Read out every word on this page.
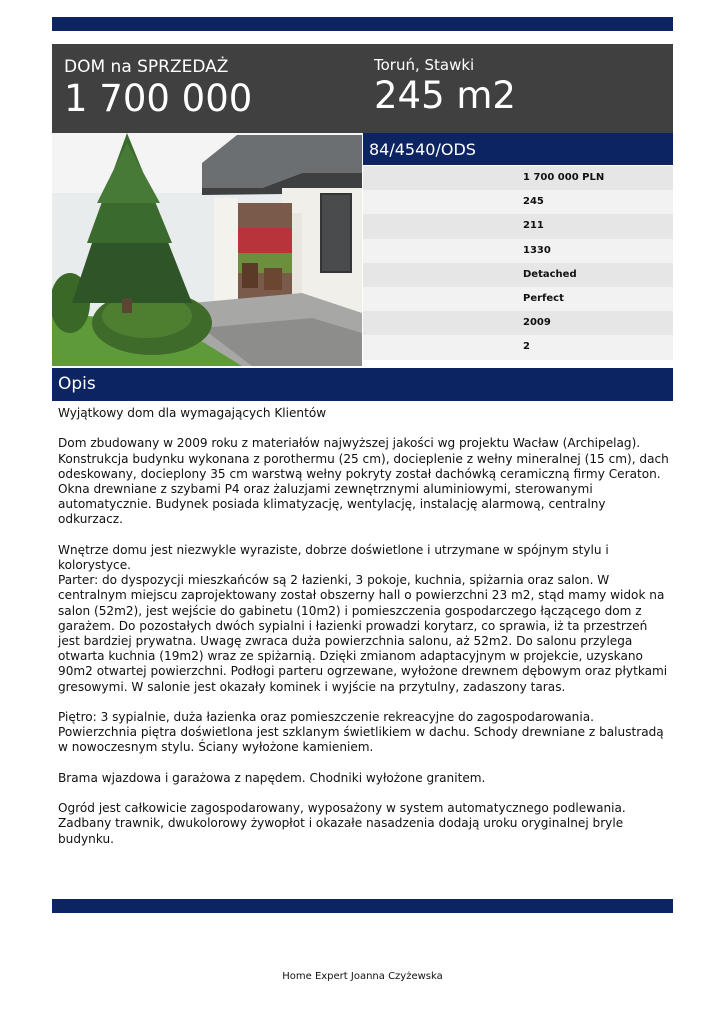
DOM na SPRZEDAŻ
1 700 000
Toruń, Stawki
245 m2
84/4540/ODS
1 700 000 PLN
245
211
1330
Detached
Perfect
2009
2
Opis

Wyjątkowy dom dla wymagających Klientów

Dom zbudowany w 2009 roku z materiałów najwyższej jakości wg projektu Wacław (Archipelag). Konstrukcja budynku wykonana z porothermu (25 cm), docieplenie z wełny mineralnej (15 cm), dach odeskowany, docieplony 35 cm warstwą wełny pokryty został dachówką ceramiczną firmy Ceraton. Okna drewniane z szybami P4 oraz żaluzjami zewnętrznymi aluminiowymi, sterowanymi automatycznie. Budynek posiada klimatyzację, wentylację, instalację alarmową, centralny odkurzacz.

Wnętrze domu jest niezwykle wyraziste, dobrze doświetlone i utrzymane w spójnym stylu i kolorystyce.

Parter: do dyspozycji mieszkańców są 2 łazienki, 3 pokoje, kuchnia, spiżarnia oraz salon. W centralnym miejscu zaprojektowany został obszerny hall o powierzchni 23 m2, stąd mamy widok na salon (52m2), jest wejście do gabinetu (10m2) i pomieszczenia gospodarczego łączącego dom z garażem. Do pozostałych dwóch sypialni i łazienki prowadzi korytarz, co sprawia, iż ta przestrzeń jest bardziej prywatna. Uwagę zwraca duża powierzchnia salonu, aż 52m2. Do salonu przylega otwarta kuchnia (19m2) wraz ze spiżarnią. Dzięki zmianom adaptacyjnym w projekcie, uzyskano 90m2 otwartej powierzchni. Podłogi parteru ogrzewane, wyłożone drewnem dębowym oraz płytkami gresowymi. W salonie jest okazały kominek i wyjście na przytulny, zadaszony taras.

Piętro: 3 sypialnie, duża łazienka oraz pomieszczenie rekreacyjne do zagospodarowania. Powierzchnia piętra doświetlona jest szklanym świetlikiem w dachu. Schody drewniane z balustradą w nowoczesnym stylu. Ściany wyłożone kamieniem.

Brama wjazdowa i garażowa z napędem. Chodniki wyłożone granitem.

Ogród jest całkowicie zagospodarowany, wyposażony w system automatycznego podlewania. Zadbany trawnik, dwukolorowy żywopłot i okazałe nasadzenia dodają uroku oryginalnej bryle budynku.

Home Expert Joanna Czyżewska
